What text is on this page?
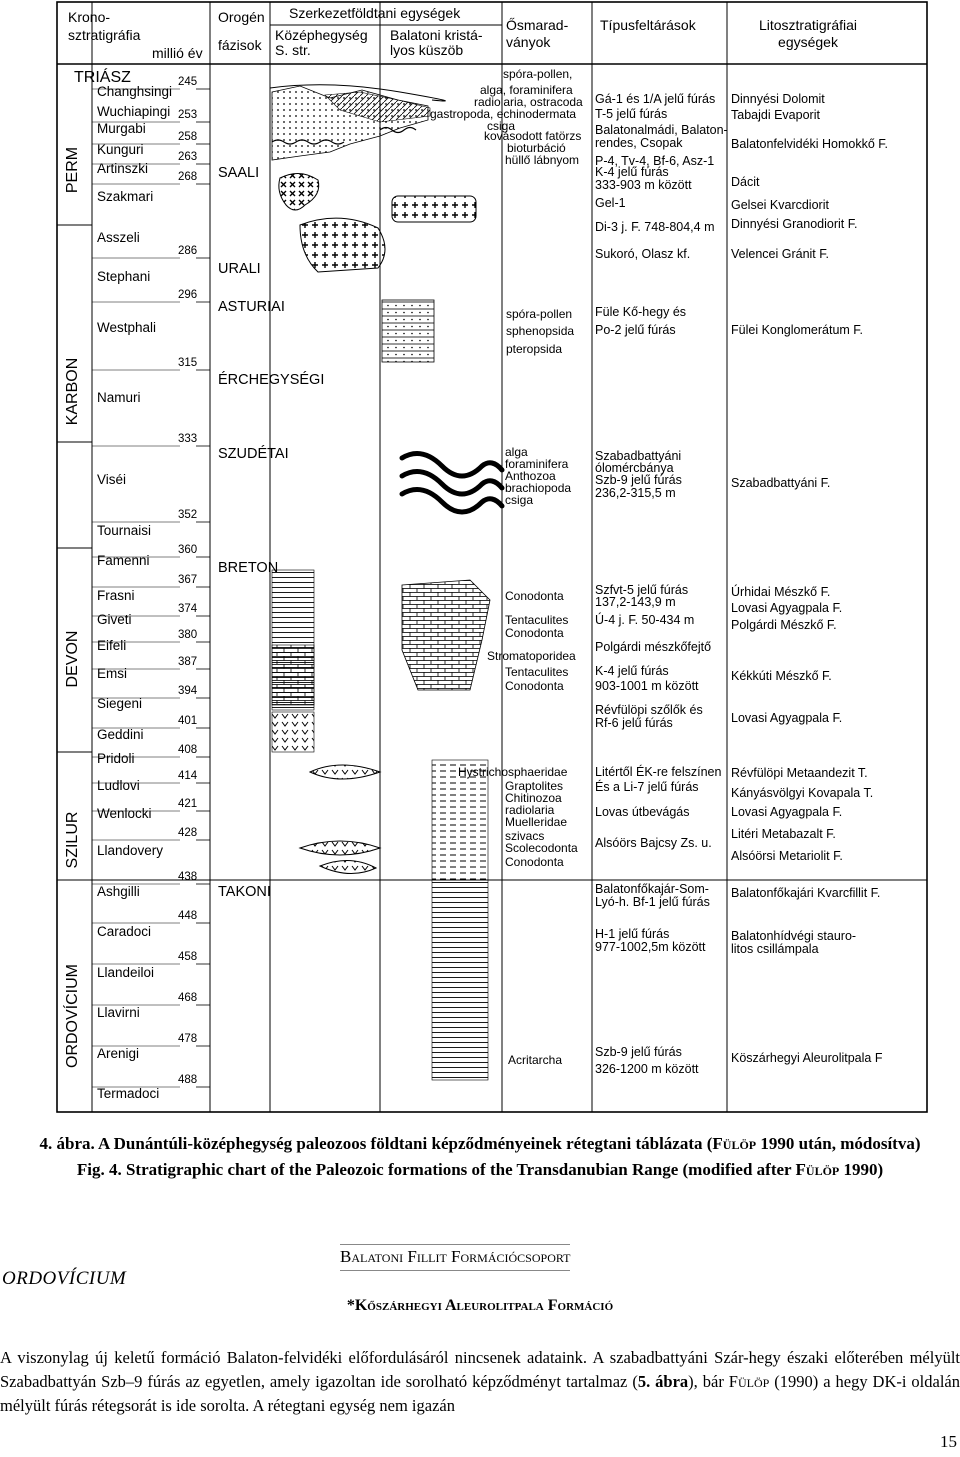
Krono-
sztratigráfia
millió év
Orogén
fázisok
Szerkezetföldtani egységek
Középhegység
S. str.
Balatoni kristá-
lyos küszöb
Ősmarad-
ványok
Típusfeltárások	Litosztratigráfiai
egységek
PERM
KARBON
DEVON
SZILUR
ORDOVÍCIUM
TRIÁSZ
Changhsingi
Wuchiapingi
Murgabi
Kunguri
Artinszki
Szakmari
Asszeli
Stephani
Westphali
Namuri
Viséi
Tournaisi
Famenni
Frasni
Giveti
Eifeli
Emsi
Siegeni
Geddini
Pridoli
Ludlovi
Wenlocki
Llandovery
Ashgilli
Caradoci
Llandeiloi
Llavirni
Arenigi
Termadoci
245
253
258
263
268
286
296
315
333
352
360
367
374
380
387
394
401
408
414
421
428
438
448
458
468
478
488
SAALI
URALI
ASTURIAI
ÉRCHEGYSÉGI
SZUDÉTAI
BRETON
TAKONI
spóra-pollen,
alga, foraminifera
radiolaria, ostracoda
gastropoda, echinodermata
csiga
kovásodott fatörzs
bioturbáció
hüllő lábnyom
spóra-pollen
sphenopsida
pteropsida
alga
foraminifera
Anthozoa
brachiopoda
csiga
Conodonta
Tentaculites
Conodonta
Stromatoporidea
Tentaculites
Conodonta
Hystrichosphaeridae
Graptolites
Chitinozoa
radiolaria
Muelleridae
szivacs
Scolecodonta
Conodonta
Acritarcha
Gá-1 és 1/A jelű fúrás
T-5 jelű fúrás
Balatonalmádi, Balaton-
rendes, Csopak
P-4, Tv-4, Bf-6, Asz-1
K-4 jelű fúrás
333-903 m között
Gel-1
Di-3 j. F. 748-804,4 m
Sukoró, Olasz kf.
Füle Kő-hegy és
Po-2 jelű fúrás
Szabadbattyáni
ólomércbánya
Szb-9 jelű fúrás
236,2-315,5 m
Szfvt-5 jelű fúrás
137,2-143,9 m
Ú-4 j. F. 50-434 m
Polgárdi mészkőfejtő
K-4 jelű fúrás
903-1001 m között
Révfülöpi szőlők és
Rf-6 jelű fúrás
Litértől ÉK-re felszínen
És a Li-7 jelű fúrás
Lovas útbevágás
Alsóörs Bajcsy Zs. u.
Balatonfőkajár-Som-
Lyó-h. Bf-1 jelű fúrás
H-1 jelű fúrás
977-1002,5m között
Szb-9 jelű fúrás
326-1200 m között
Dinnyési Dolomit
Tabajdi Evaporit
Balatonfelvidéki Homokkő F.
Dácit
Gelsei Kvarcdiorit
Dinnyési Granodiorit F.
Velencei Gránit F.
Fülei Konglomerátum F.
Szabadbattyáni F.
Úrhidai Mészkő F.
Lovasi Agyagpala F.
Polgárdi Mészkő F.
Kékkúti Mészkő F.
Lovasi Agyagpala F.
Révfülöpi Metaandezit T.
Kányásvölgyi Kovapala T.
Lovasi Agyagpala F.
Litéri Metabazalt F.
Alsóörsi Metariolit F.
Balatonfőkajári Kvarcfillit F.
Balatonhídvégi stauro-
litos csillámpala
Köszárhegyi Aleurolitpala F
4. ábra. A Dunántúli-középhegység paleozoos földtani képződményeinek rétegtani táblázata (Fülöp 1990 után, módosítva)
Fig. 4. Stratigraphic chart of the Paleozoic formations of the Transdanubian Range (modified after Fülöp 1990)
ORDOVÍCIUM
Balatoni Fillit Formációcsoport
*Kőszárhegyi Aleurolitpala Formáció
A viszonylag új keletű formáció Balaton-felvidéki előfordulásáról nincsenek adataink. A szabadbattyáni Szár-hegy északi előterében mélyült Szabadbattyán Szb–9 fúrás az egyetlen, amely igazoltan ide sorolható képződményt tartalmaz (5. ábra), bár Fülöp (1990) a hegy DK-i oldalán mélyült fúrás rétegsorát is ide sorolta. A rétegtani egység nem igazán
15
